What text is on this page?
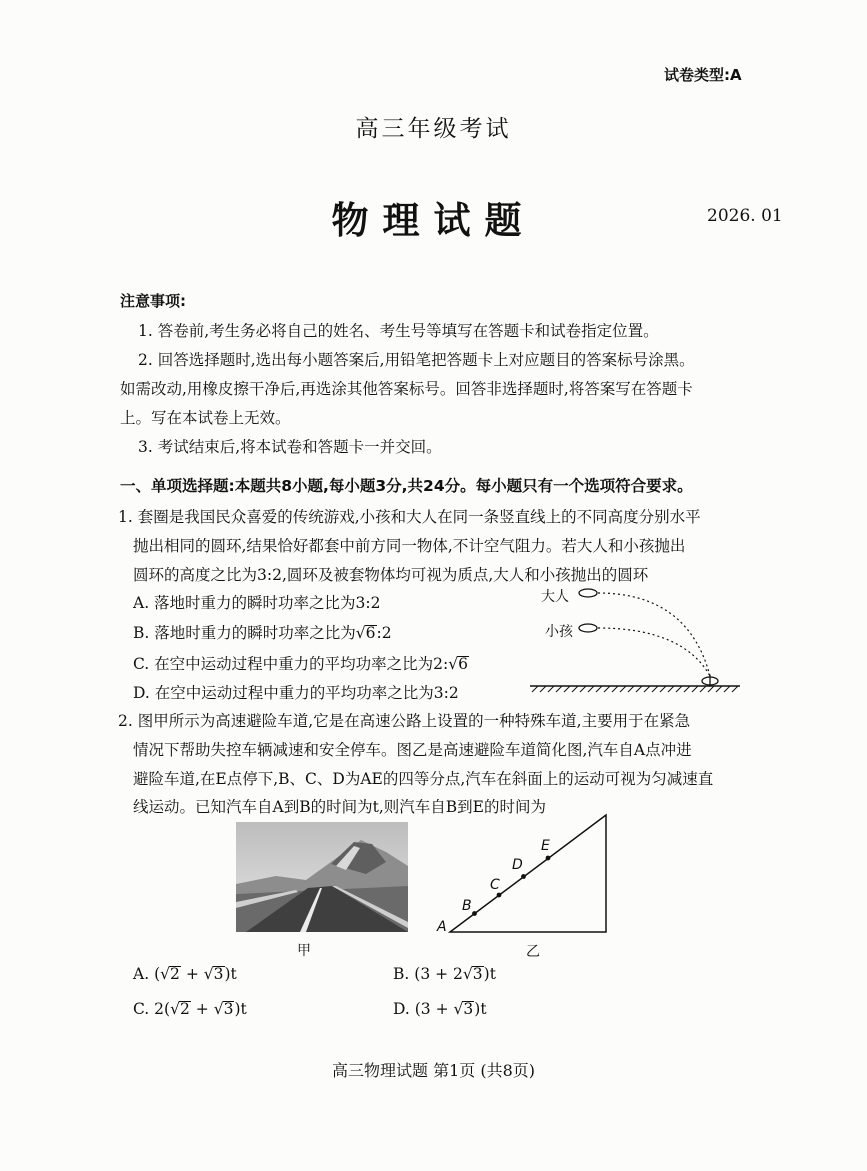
试卷类型:A
高三年级考试
物理试题	2026. 01
注意事项:
1. 答卷前,考生务必将自己的姓名、考生号等填写在答题卡和试卷指定位置。
2. 回答选择题时,选出每小题答案后,用铅笔把答题卡上对应题目的答案标号涂黑。
如需改动,用橡皮擦干净后,再选涂其他答案标号。回答非选择题时,将答案写在答题卡
上。写在本试卷上无效。
3. 考试结束后,将本试卷和答题卡一并交回。
一、单项选择题:本题共8小题,每小题3分,共24分。每小题只有一个选项符合要求。
1. 套圈是我国民众喜爱的传统游戏,小孩和大人在同一条竖直线上的不同高度分别水平
抛出相同的圆环,结果恰好都套中前方同一物体,不计空气阻力。若大人和小孩抛出
圆环的高度之比为3:2,圆环及被套物体均可视为质点,大人和小孩抛出的圆环
A. 落地时重力的瞬时功率之比为3:2
B. 落地时重力的瞬时功率之比为√6:2
C. 在空中运动过程中重力的平均功率之比为2:√6
D. 在空中运动过程中重力的平均功率之比为3:2
大人
小孩
2. 图甲所示为高速避险车道,它是在高速公路上设置的一种特殊车道,主要用于在紧急
情况下帮助失控车辆减速和安全停车。图乙是高速避险车道简化图,汽车自A点冲进
避险车道,在E点停下,B、C、D为AE的四等分点,汽车在斜面上的运动可视为匀减速直
线运动。已知汽车自A到B的时间为t,则汽车自B到E的时间为
甲
A
B
C
D
E
乙
A. (√2 + √3)t	B. (3 + 2√3)t
C. 2(√2 + √3)t	D. (3 + √3)t
高三物理试题 第1页 (共8页)
